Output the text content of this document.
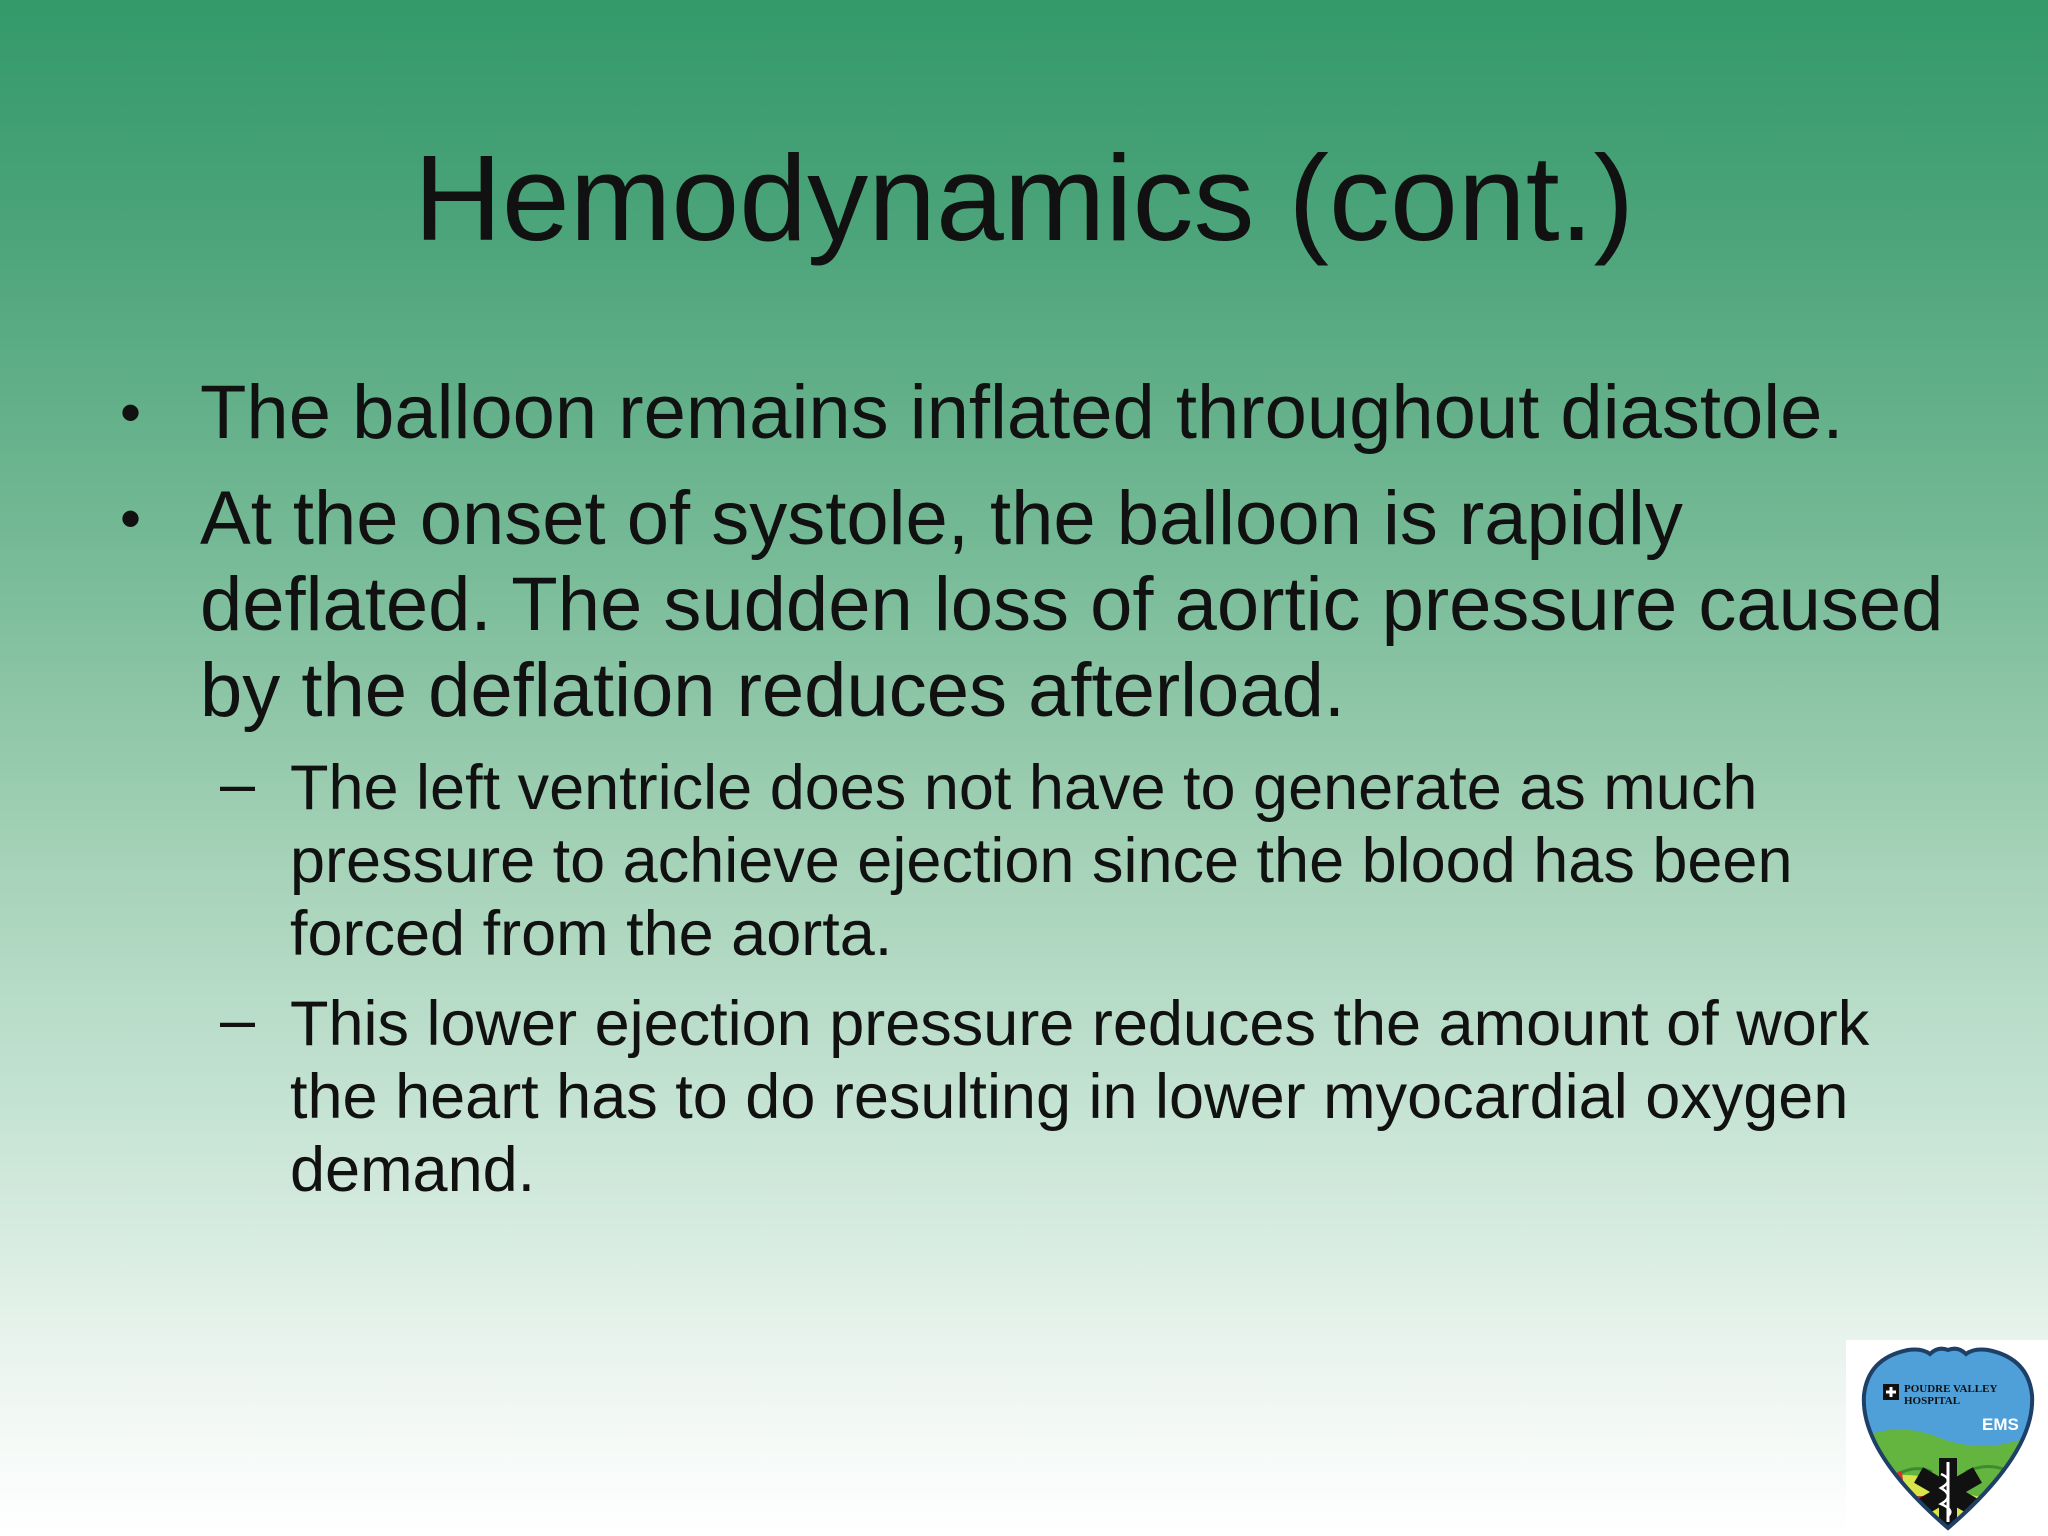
Hemodynamics (cont.)
• The balloon remains inflated throughout diastole.
• At the onset of systole, the balloon is rapidly deflated. The sudden loss of aortic pressure caused by the deflation reduces afterload.
– The left ventricle does not have to generate as much pressure to achieve ejection since the blood has been forced from the aorta.
– This lower ejection pressure reduces the amount of work the heart has to do resulting in lower myocardial oxygen demand.
POUDRE VALLEY
HOSPITAL
EMS
